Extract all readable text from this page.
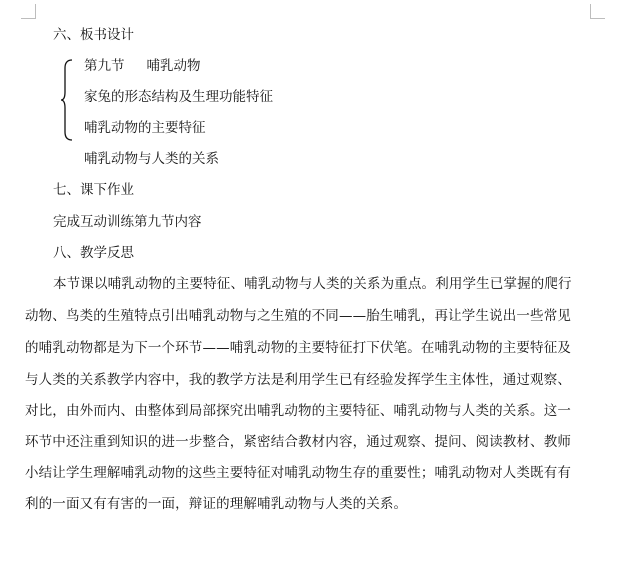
六、板书设计
第九节 哺乳动物
家兔的形态结构及生理功能特征
哺乳动物的主要特征
哺乳动物与人类的关系
七、课下作业
完成互动训练第九节内容
八、教学反思
本节课以哺乳动物的主要特征、哺乳动物与人类的关系为重点。利用学生已掌握的爬行
动物、鸟类的生殖特点引出哺乳动物与之生殖的不同——胎生哺乳，再让学生说出一些常见
的哺乳动物都是为下一个环节——哺乳动物的主要特征打下伏笔。在哺乳动物的主要特征及
与人类的关系教学内容中，我的教学方法是利用学生已有经验发挥学生主体性，通过观察、
对比，由外而内、由整体到局部探究出哺乳动物的主要特征、哺乳动物与人类的关系。这一
环节中还注重到知识的进一步整合，紧密结合教材内容，通过观察、提问、阅读教材、教师
小结让学生理解哺乳动物的这些主要特征对哺乳动物生存的重要性；哺乳动物对人类既有有
利的一面又有有害的一面，辩证的理解哺乳动物与人类的关系。
